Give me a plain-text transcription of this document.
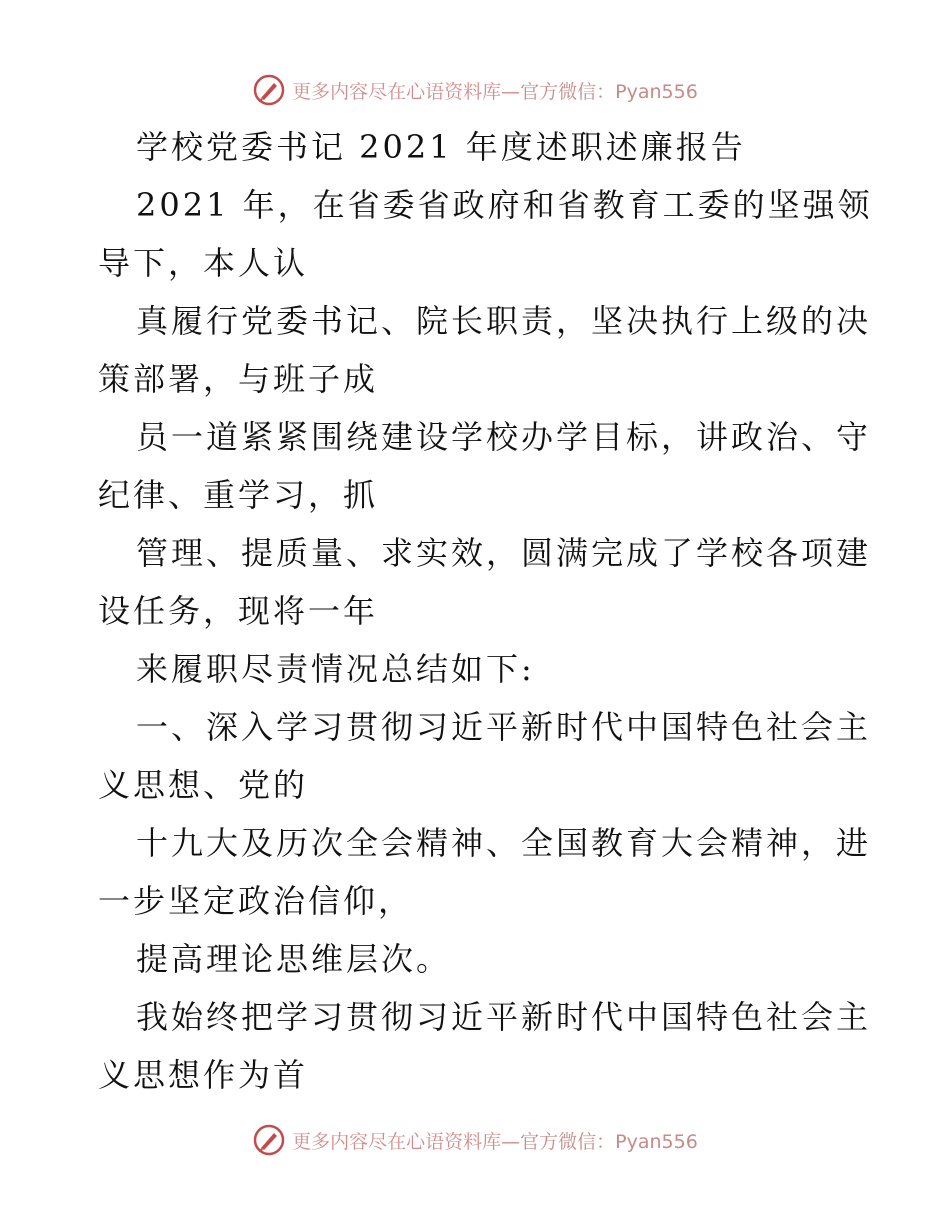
更多内容尽在心语资料库—官方微信：Pyan556
学校党委书记 2021 年度述职述廉报告
2021 年，在省委省政府和省教育工委的坚强领
导下，本人认
真履行党委书记、院长职责，坚决执行上级的决
策部署，与班子成
员一道紧紧围绕建设学校办学目标，讲政治、守
纪律、重学习，抓
管理、提质量、求实效，圆满完成了学校各项建
设任务，现将一年
来履职尽责情况总结如下:
一、深入学习贯彻习近平新时代中国特色社会主
义思想、党的
十九大及历次全会精神、全国教育大会精神，进
一步坚定政治信仰，
提高理论思维层次。
我始终把学习贯彻习近平新时代中国特色社会主
义思想作为首
更多内容尽在心语资料库—官方微信：Pyan556
